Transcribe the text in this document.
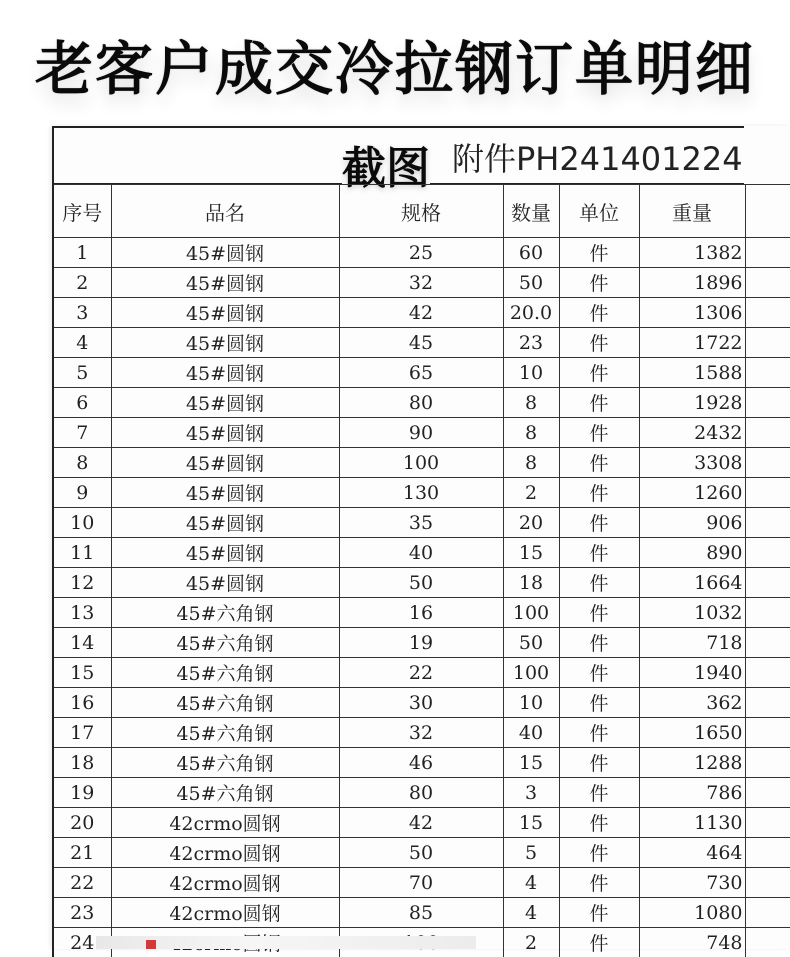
老客户成交冷拉钢订单明细
附件PH241401224
截图
序号	品名	规格	数量	单位	重量	
1	45#圆钢	25	60	件	1382	
2	45#圆钢	32	50	件	1896	
3	45#圆钢	42	20.0	件	1306	
4	45#圆钢	45	23	件	1722	
5	45#圆钢	65	10	件	1588	
6	45#圆钢	80	8	件	1928	
7	45#圆钢	90	8	件	2432	
8	45#圆钢	100	8	件	3308	
9	45#圆钢	130	2	件	1260	
10	45#圆钢	35	20	件	906	
11	45#圆钢	40	15	件	890	
12	45#圆钢	50	18	件	1664	
13	45#六角钢	16	100	件	1032	
14	45#六角钢	19	50	件	718	
15	45#六角钢	22	100	件	1940	
16	45#六角钢	30	10	件	362	
17	45#六角钢	32	40	件	1650	
18	45#六角钢	46	15	件	1288	
19	45#六角钢	80	3	件	786	
20	42crmo圆钢	42	15	件	1130	
21	42crmo圆钢	50	5	件	464	
22	42crmo圆钢	70	4	件	730	
23	42crmo圆钢	85	4	件	1080	
24			2	件	748	
